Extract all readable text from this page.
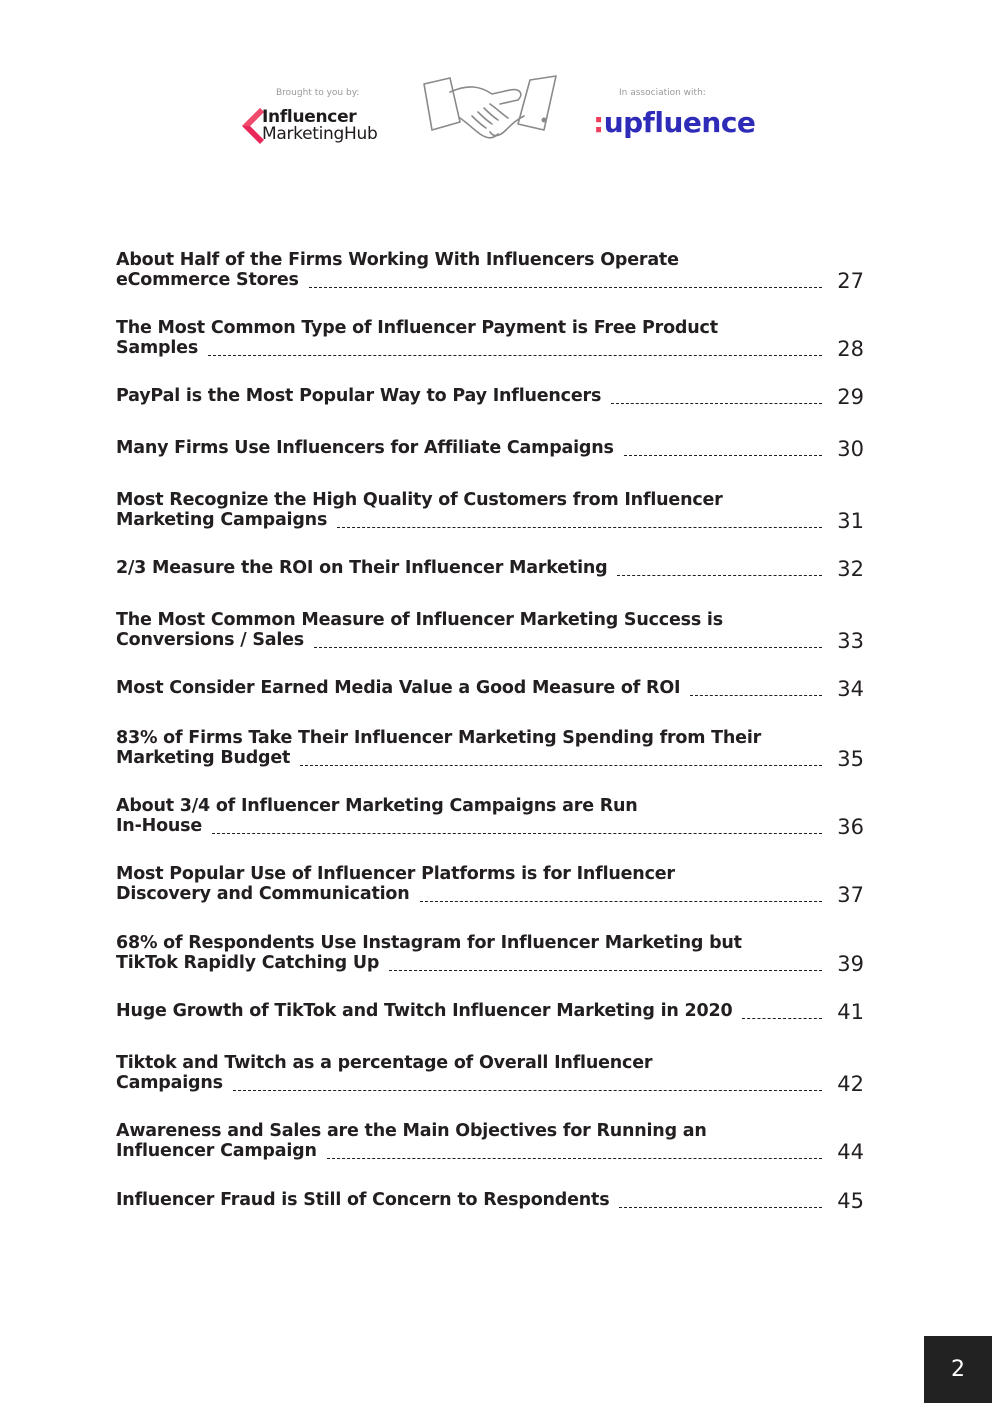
Brought to you by:
Influencer
MarketingHub
In association with:
:upfluence
About Half of the Firms Working With Influencers Operate
eCommerce Stores	27
The Most Common Type of Influencer Payment is Free Product
Samples	28
PayPal is the Most Popular Way to Pay Influencers	29
Many Firms Use Influencers for Affiliate Campaigns	30
Most Recognize the High Quality of Customers from Influencer
Marketing Campaigns	31
2/3 Measure the ROI on Their Influencer Marketing	32
The Most Common Measure of Influencer Marketing Success is
Conversions / Sales	33
Most Consider Earned Media Value a Good Measure of ROI	34
83% of Firms Take Their Influencer Marketing Spending from Their
Marketing Budget	35
About 3/4 of Influencer Marketing Campaigns are Run
In-House	36
Most Popular Use of Influencer Platforms is for Influencer
Discovery and Communication	37
68% of Respondents Use Instagram for Influencer Marketing but
TikTok Rapidly Catching Up	39
Huge Growth of TikTok and Twitch Influencer Marketing in 2020	41
Tiktok and Twitch as a percentage of Overall Influencer
Campaigns	42
Awareness and Sales are the Main Objectives for Running an
Influencer Campaign	44
Influencer Fraud is Still of Concern to Respondents	45
2
